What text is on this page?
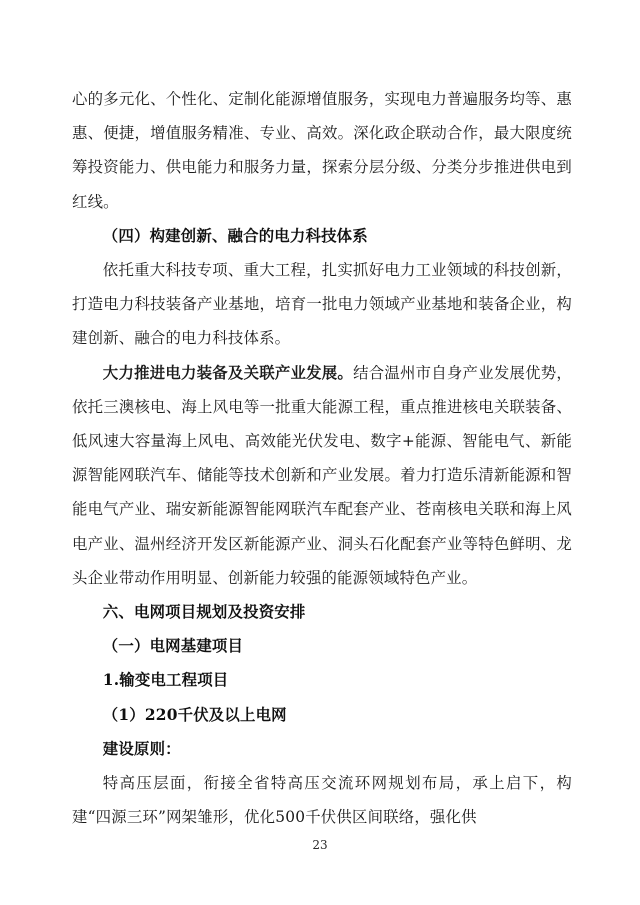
心的多元化、个性化、定制化能源增值服务，实现电力普遍服务均等、惠惠、便捷，增值服务精准、专业、高效。深化政企联动合作，最大限度统筹投资能力、供电能力和服务力量，探索分层分级、分类分步推进供电到红线。

（四）构建创新、融合的电力科技体系

依托重大科技专项、重大工程，扎实抓好电力工业领域的科技创新，打造电力科技装备产业基地，培育一批电力领域产业基地和装备企业，构建创新、融合的电力科技体系。

大力推进电力装备及关联产业发展。结合温州市自身产业发展优势，依托三澳核电、海上风电等一批重大能源工程，重点推进核电关联装备、低风速大容量海上风电、高效能光伏发电、数字+能源、智能电气、新能源智能网联汽车、储能等技术创新和产业发展。着力打造乐清新能源和智能电气产业、瑞安新能源智能网联汽车配套产业、苍南核电关联和海上风电产业、温州经济开发区新能源产业、洞头石化配套产业等特色鲜明、龙头企业带动作用明显、创新能力较强的能源领域特色产业。

六、电网项目规划及投资安排

（一）电网基建项目

1.输变电工程项目

（1）220千伏及以上电网

建设原则：

特高压层面，衔接全省特高压交流环网规划布局，承上启下，构建“四源三环”网架雏形，优化500千伏供区间联络，强化供

23
